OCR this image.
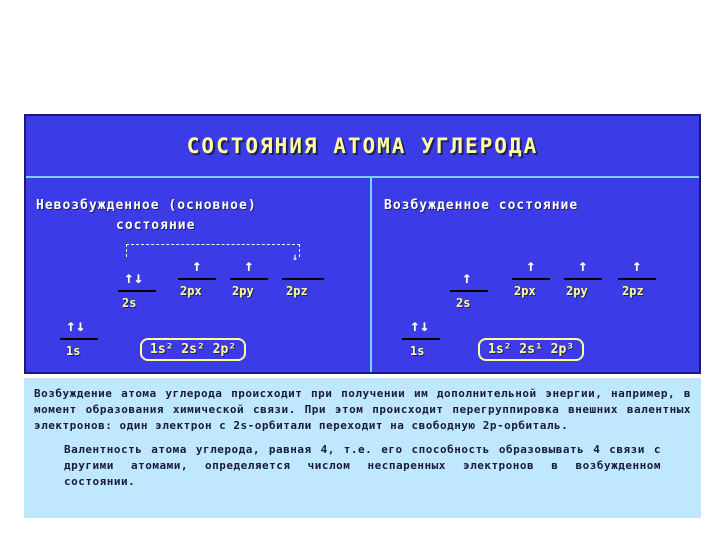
СОСТОЯНИЯ АТОМА УГЛЕРОДА
Невозбужденное (основное)
состояние
↓
↑↓
2s
↑
2px
↑
2py	2pz
↑↓
1s	1s² 2s² 2p²
Возбужденное состояние
↑
2s
↑
2px
↑
2py
↑
2pz
↑↓
1s	1s² 2s¹ 2p³
Возбуждение атома углерода происходит при получении им дополнительной энергии, например, в момент образования химической связи. При этом происходит перегруппировка внешних валентных электронов: один электрон с 2s-орбитали переходит на свободную 2p-орбиталь.
Валентность атома углерода, равная 4, т.е. его способность образовывать 4 связи с другими атомами, определяется числом неспаренных электронов в возбужденном состоянии.
